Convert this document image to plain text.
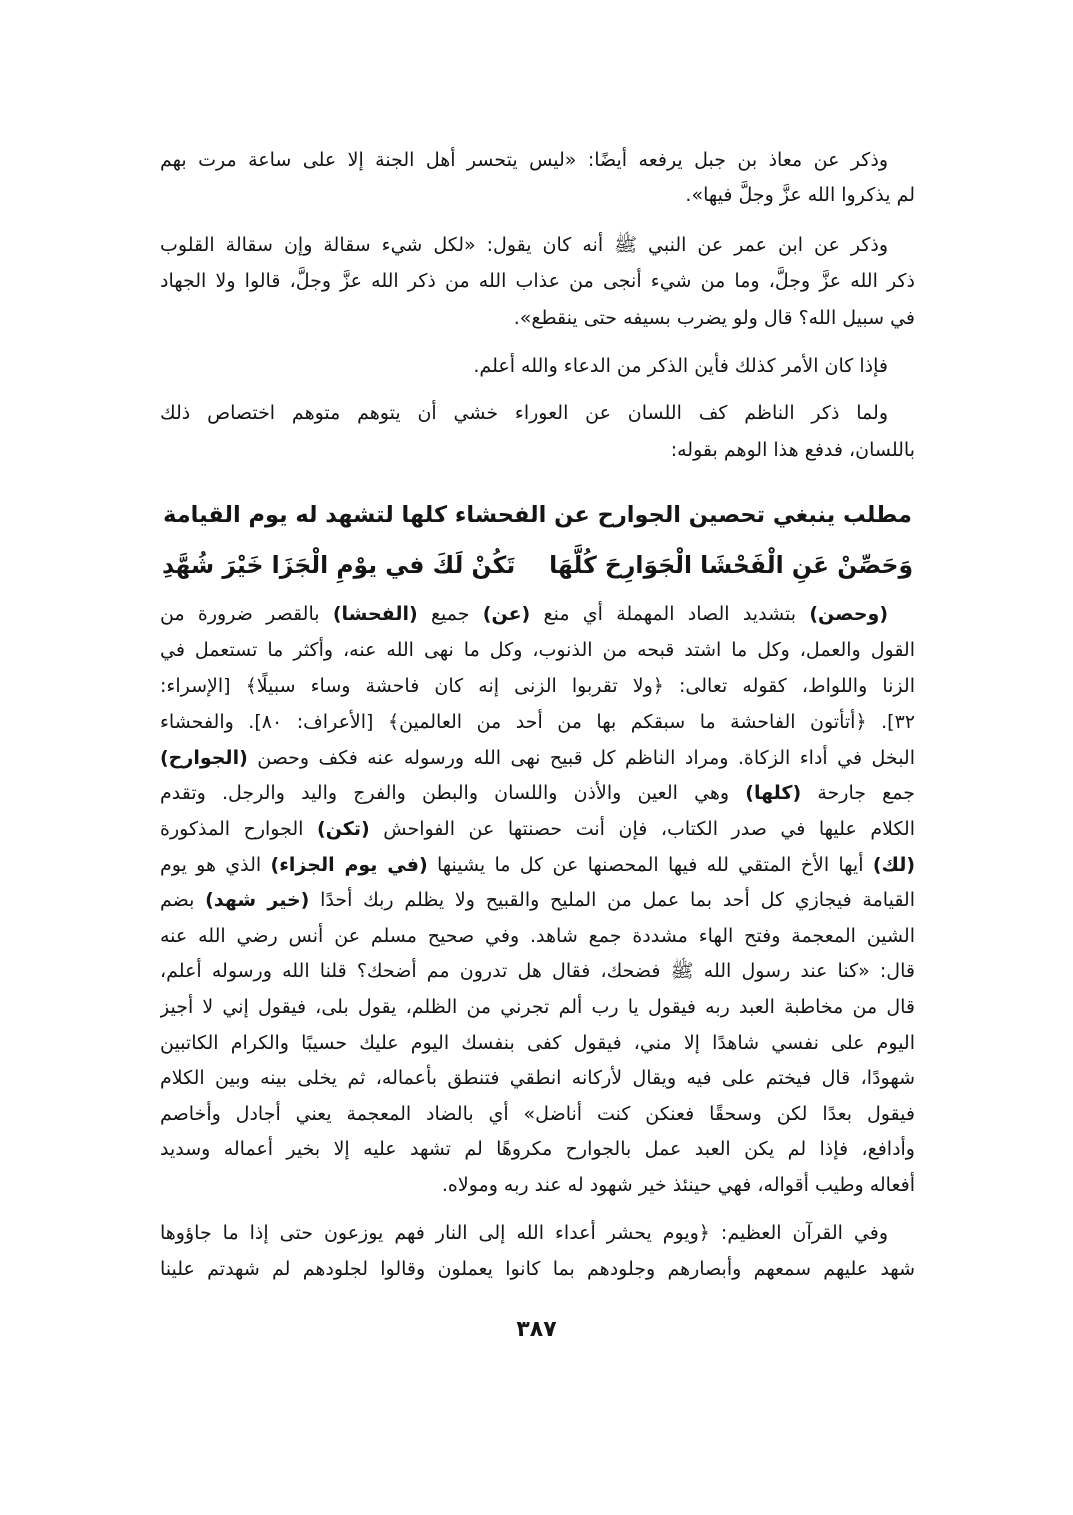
وذكر عن معاذ بن جبل يرفعه أيضًا: «ليس يتحسر أهل الجنة إلا على ساعة مرت بهم
لم يذكروا الله عزَّ وجلَّ فيها».
وذكر عن ابن عمر عن النبي ﷺ أنه كان يقول: «لكل شيء سقالة وإن سقالة القلوب
ذكر الله عزَّ وجلَّ، وما من شيء أنجى من عذاب الله من ذكر الله عزَّ وجلَّ، قالوا ولا الجهاد
في سبيل الله؟ قال ولو يضرب بسيفه حتى ينقطع».
فإذا كان الأمر كذلك فأين الذكر من الدعاء والله أعلم.
ولما ذكر الناظم كف اللسان عن العوراء خشي أن يتوهم متوهم اختصاص ذلك
باللسان، فدفع هذا الوهم بقوله:
مطلب ينبغي تحصين الجوارح عن الفحشاء كلها لتشهد له يوم القيامة
وَحَصِّنْ عَنِ الْفَحْشَا الْجَوَارِحَ كُلَّهَا
تَكُنْ لَكَ في يوْمِ الْجَزَا خَيْرَ شُهَّدِ
(وحصن) بتشديد الصاد المهملة أي منع (عن) جميع (الفحشا) بالقصر ضرورة من
القول والعمل، وكل ما اشتد قبحه من الذنوب، وكل ما نهى الله عنه، وأكثر ما تستعمل في
الزنا واللواط، كقوله تعالى: ﴿ولا تقربوا الزنى إنه كان فاحشة وساء سبيلًا﴾ [الإسراء:
٣٢]. ﴿أتأتون الفاحشة ما سبقكم بها من أحد من العالمين﴾ [الأعراف: ٨٠]. والفحشاء
البخل في أداء الزكاة. ومراد الناظم كل قبيح نهى الله ورسوله عنه فكف وحصن (الجوارح)
جمع جارحة (كلها) وهي العين والأذن واللسان والبطن والفرج واليد والرجل. وتقدم
الكلام عليها في صدر الكتاب، فإن أنت حصنتها عن الفواحش (تكن) الجوارح المذكورة
(لك) أيها الأخ المتقي لله فيها المحصنها عن كل ما يشينها (في يوم الجزاء) الذي هو يوم
القيامة فيجازي كل أحد بما عمل من المليح والقبيح ولا يظلم ربك أحدًا (خير شهد) بضم
الشين المعجمة وفتح الهاء مشددة جمع شاهد. وفي صحيح مسلم عن أنس رضي الله عنه
قال: «كنا عند رسول الله ﷺ فضحك، فقال هل تدرون مم أضحك؟ قلنا الله ورسوله أعلم،
قال من مخاطبة العبد ربه فيقول يا رب ألم تجرني من الظلم، يقول بلى، فيقول إني لا أجيز
اليوم على نفسي شاهدًا إلا مني، فيقول كفى بنفسك اليوم عليك حسيبًا والكرام الكاتبين
شهودًا، قال فيختم على فيه ويقال لأركانه انطقي فتنطق بأعماله، ثم يخلى بينه وبين الكلام
فيقول بعدًا لكن وسحقًا فعنكن كنت أناضل» أي بالضاد المعجمة يعني أجادل وأخاصم
وأدافع، فإذا لم يكن العبد عمل بالجوارح مكروهًا لم تشهد عليه إلا بخير أعماله وسديد
أفعاله وطيب أقواله، فهي حينئذ خير شهود له عند ربه ومولاه.
وفي القرآن العظيم: ﴿ويوم يحشر أعداء الله إلى النار فهم يوزعون حتى إذا ما جاؤوها
شهد عليهم سمعهم وأبصارهم وجلودهم بما كانوا يعملون وقالوا لجلودهم لم شهدتم علينا
٣٨٧
